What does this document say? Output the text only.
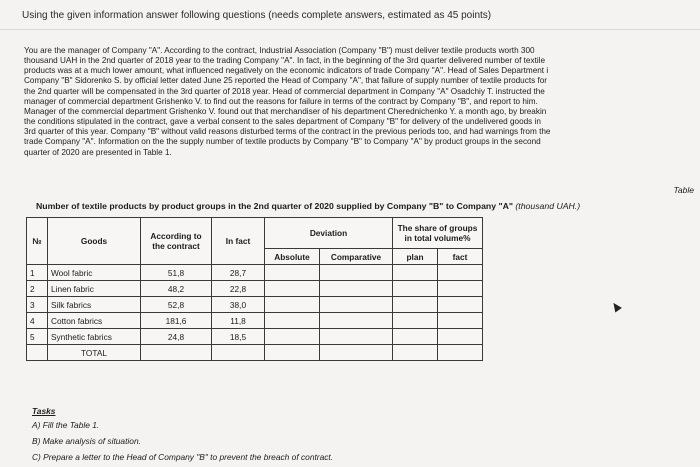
Using the given information answer following questions (needs complete answers, estimated as 45 points)
You are the manager of Company "A". According to the contract, Industrial Association (Company "B") must deliver textile products worth 300
thousand UAH in the 2nd quarter of 2018 year to the trading Company "A". In fact, in the beginning of the 3rd quarter delivered number of textile
products was at a much lower amount, what influenced negatively on the economic indicators of trade Company "A". Head of Sales Department i
Company "B" Sidorenko S. by official letter dated June 25 reported the Head of Company "A", that failure of supply number of textile products for
the 2nd quarter will be compensated in the 3rd quarter of 2018 year. Head of commercial department in Company "A" Osadchiy T. instructed the
manager of commercial department Grishenko V. to find out the reasons for failure in terms of the contract by Company "B", and report to him.
Manager of the commercial department Grishenko V. found out that merchandiser of his department Cherednichenko Y. a month ago, by breakin
the conditions stipulated in the contract, gave a verbal consent to the sales department of Company "B" for delivery of the undelivered goods in
3rd quarter of this year. Company "B" without valid reasons disturbed terms of the contract in the previous periods too, and had warnings from the
trade Company "A". Information on the the supply number of textile products by Company "B" to Company "A" by product groups in the second
quarter of 2020 are presented in Table 1.
Table
Number of textile products by product groups in the 2nd quarter of 2020 supplied by Company "B" to Company "A" (thousand UAH.)
№	Goods	According to the contract	In fact	Deviation		The share of groups in total volume%	
				Absolute	Comparative	plan	fact
1	Wool fabric	51,8	28,7				
2	Linen fabric	48,2	22,8				
3	Silk fabrics	52,8	38,0				
4	Cotton fabrics	181,6	11,8				
5	Synthetic fabrics	24,8	18,5				
	TOTAL						
Tasks
A) Fill the Table 1.
B) Make analysis of situation.
C) Prepare a letter to the Head of Company "B" to prevent the breach of contract.
